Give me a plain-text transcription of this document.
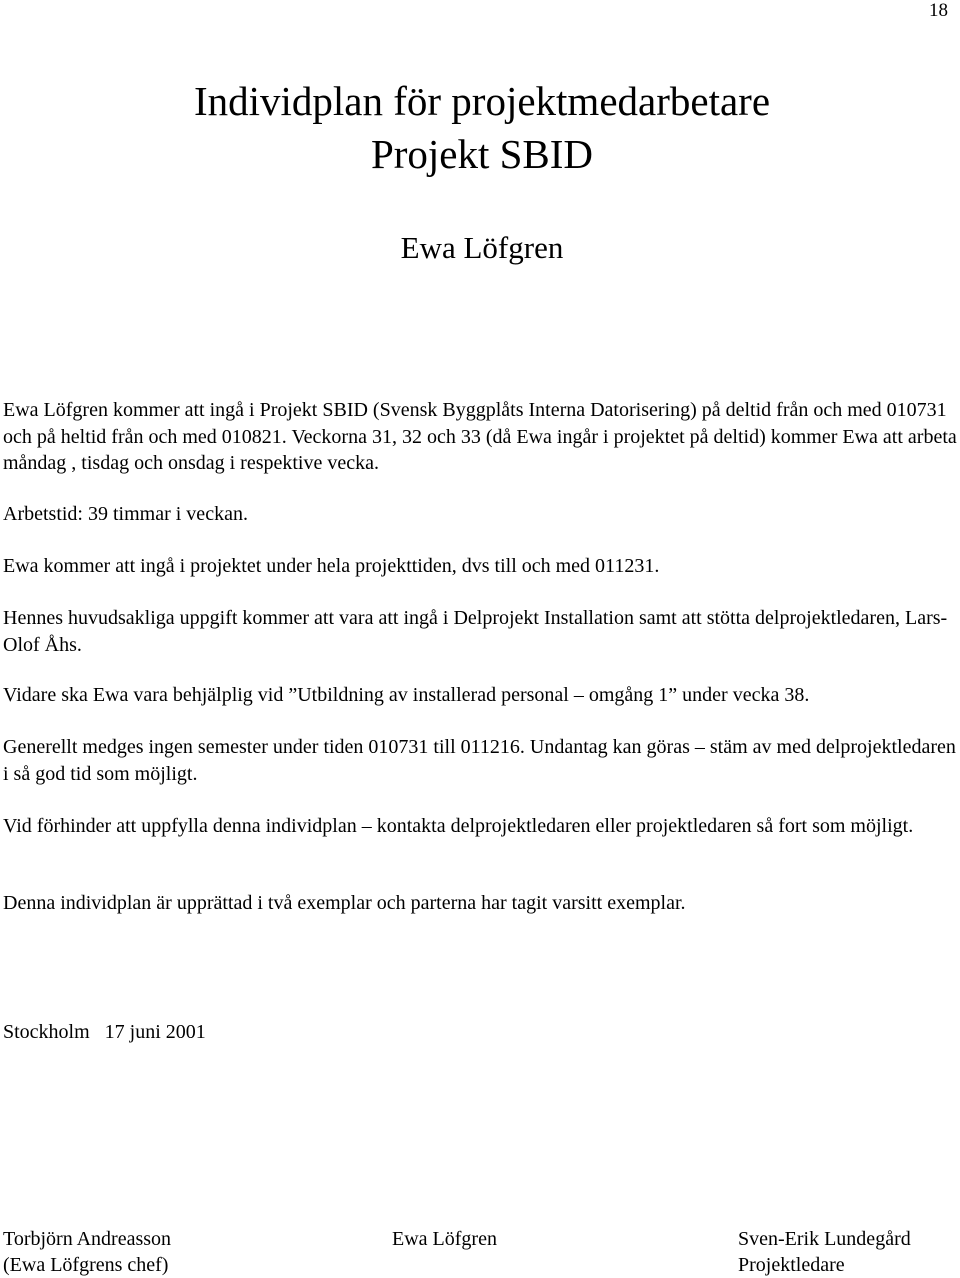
18
Individplan för projektmedarbetare
Projekt SBID
Ewa Löfgren

Ewa Löfgren kommer att ingå i Projekt SBID (Svensk Byggplåts Interna Datorisering) på deltid från och med 010731 och på heltid från och med 010821. Veckorna 31, 32 och 33 (då Ewa ingår i projektet på deltid) kommer Ewa att arbeta måndag , tisdag och onsdag i respektive vecka.

Arbetstid: 39 timmar i veckan.

Ewa kommer att ingå i projektet under hela projekttiden, dvs till och med 011231.

Hennes huvudsakliga uppgift kommer att vara att ingå i Delprojekt Installation samt att stötta delprojektledaren, Lars-Olof Åhs.

Vidare ska Ewa vara behjälplig vid ”Utbildning av installerad personal – omgång 1” under vecka 38.

Generellt medges ingen semester under tiden 010731 till 011216. Undantag kan göras – stäm av med delprojektledaren i så god tid som möjligt.

Vid förhinder att uppfylla denna individplan – kontakta delprojektledaren eller projektledaren så fort som möjligt.

Denna individplan är upprättad i två exemplar och parterna har tagit varsitt exemplar.

Stockholm   17 juni 2001
Torbjörn Andreasson
(Ewa Löfgrens chef)
Ewa Löfgren	Sven-Erik Lundegård
Projektledare
